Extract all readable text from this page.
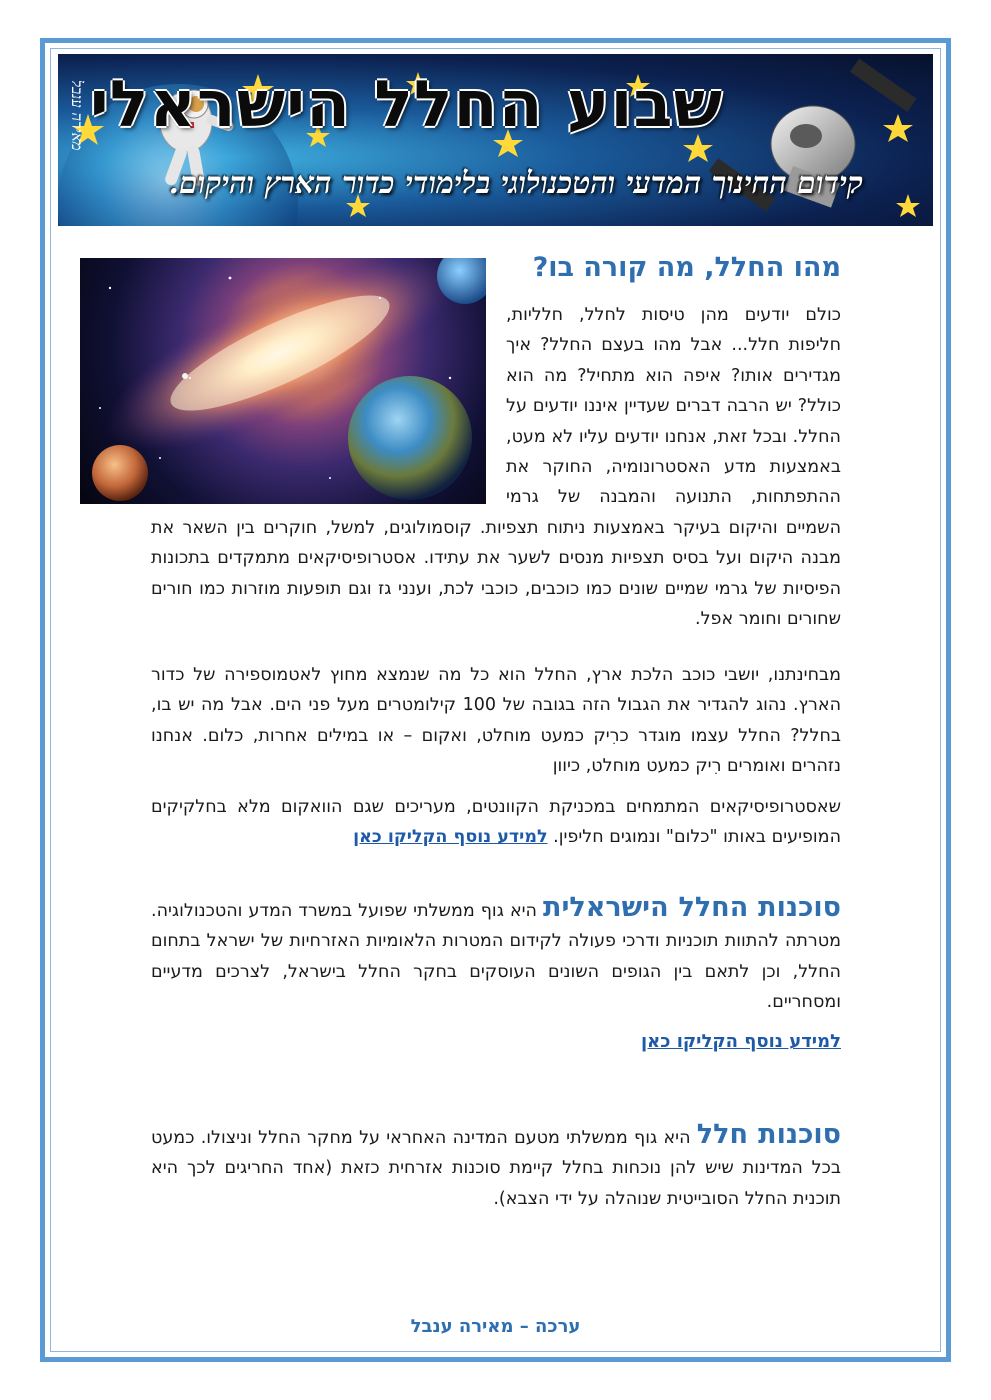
מאירה ענבל שבוע החלל הישראלי
קידום החינוך המדעי והטכנולוגי בלימודי כדור הארץ והיקום.
מהו החלל, מה קורה בו?
כולם יודעים מהן טיסות לחלל, חלליות, חליפות חלל... אבל מהו בעצם החלל? איך מגדירים אותו? איפה הוא מתחיל? מה הוא כולל? יש הרבה דברים שעדיין איננו יודעים על החלל. ובכל זאת, אנחנו יודעים עליו לא מעט, באמצעות מדע האסטרונומיה, החוקר את ההתפתחות, התנועה והמבנה של גרמי השמיים והיקום בעיקר באמצעות ניתוח תצפיות. קוסמולוגים, למשל, חוקרים בין השאר את מבנה היקום ועל בסיס תצפיות מנסים לשער את עתידו. אסטרופיסיקאים מתמקדים בתכונות הפיסיות של גרמי שמיים שונים כמו כוכבים, כוכבי לכת, וענני גז וגם תופעות מוזרות כמו חורים שחורים וחומר אפל.
מבחינתנו, יושבי כוכב הלכת ארץ, החלל הוא כל מה שנמצא מחוץ לאטמוספירה של כדור הארץ. נהוג להגדיר את הגבול הזה בגובה של 100 קילומטרים מעל פני הים. אבל מה יש בו, בחלל? החלל עצמו מוגדר כרִיק כמעט מוחלט, ואקום – או במילים אחרות, כלום. אנחנו נזהרים ואומרים רִיק כמעט מוחלט, כיוון
שאסטרופיסיקאים המתמחים במכניקת הקוונטים, מעריכים שגם הוואקום מלא בחלקיקים המופיעים באותו "כלום" ונמוגים חליפין. למידע נוסף הקליקו כאן
סוכנות החלל הישראלית היא גוף ממשלתי שפועל במשרד המדע והטכנולוגיה. מטרתה להתוות תוכניות ודרכי פעולה לקידום המטרות הלאומיות האזרחיות של ישראל בתחום החלל, וכן לתאם בין הגופים השונים העוסקים בחקר החלל בישראל, לצרכים מדעיים ומסחריים.
למידע נוסף הקליקו כאן
סוכנות חלל היא גוף ממשלתי מטעם המדינה האחראי על מחקר החלל וניצולו. כמעט בכל המדינות שיש להן נוכחות בחלל קיימת סוכנות אזרחית כזאת (אחד החריגים לכך היא תוכנית החלל הסובייטית שנוהלה על ידי הצבא).
ערכה – מאירה ענבל
